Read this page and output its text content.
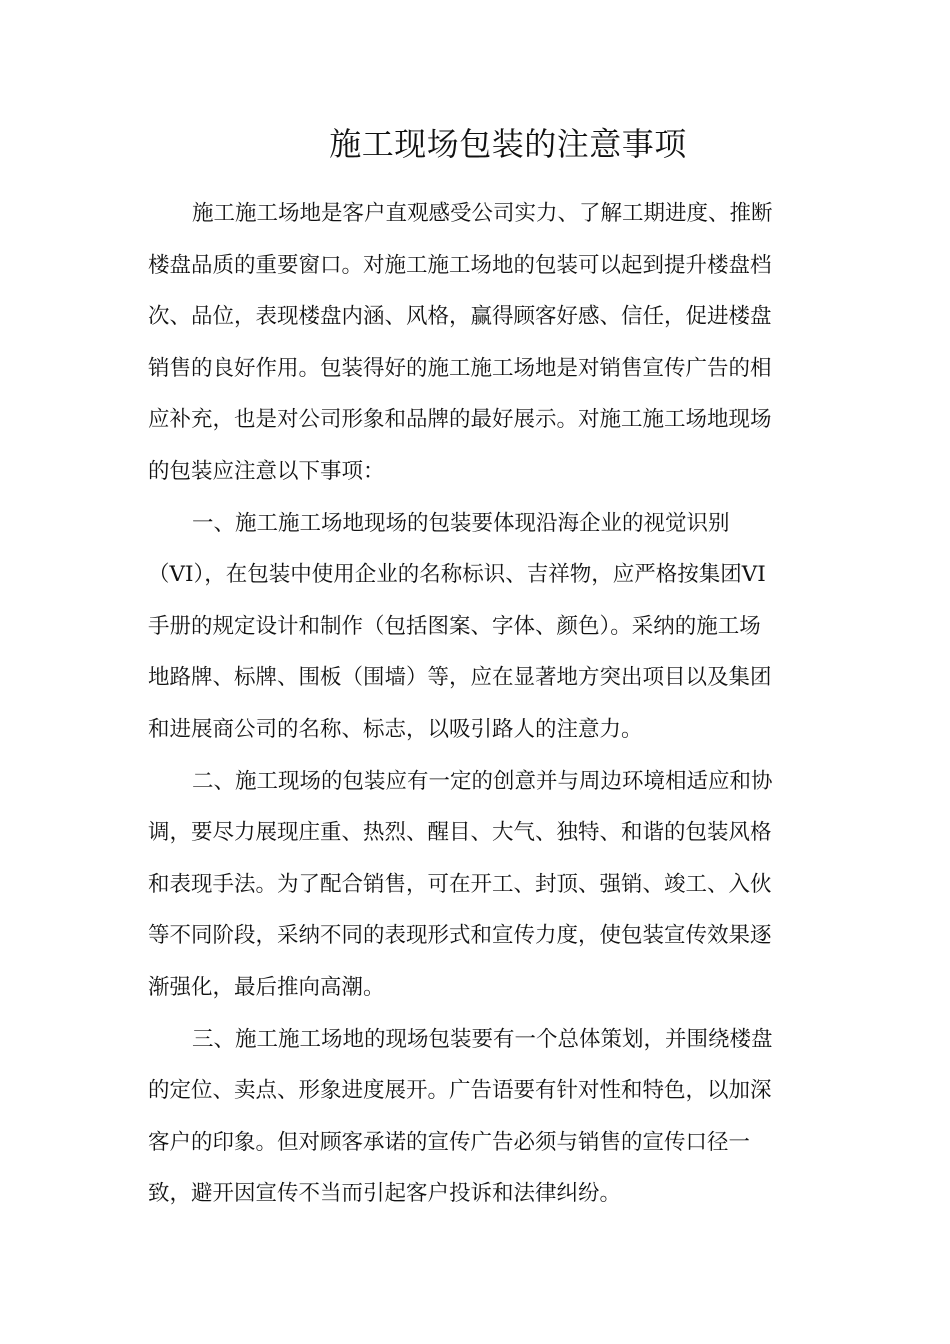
施工现场包装的注意事项
施工施工场地是客户直观感受公司实力、了解工期进度、推断
楼盘品质的重要窗口。对施工施工场地的包装可以起到提升楼盘档
次、品位，表现楼盘内涵、风格，赢得顾客好感、信任，促进楼盘
销售的良好作用。包装得好的施工施工场地是对销售宣传广告的相
应补充，也是对公司形象和品牌的最好展示。对施工施工场地现场
的包装应注意以下事项：
一、施工施工场地现场的包装要体现沿海企业的视觉识别
（VI），在包装中使用企业的名称标识、吉祥物，应严格按集团VI
手册的规定设计和制作（包括图案、字体、颜色）。采纳的施工场
地路牌、标牌、围板（围墙）等，应在显著地方突出项目以及集团
和进展商公司的名称、标志，以吸引路人的注意力。
二、施工现场的包装应有一定的创意并与周边环境相适应和协
调，要尽力展现庄重、热烈、醒目、大气、独特、和谐的包装风格
和表现手法。为了配合销售，可在开工、封顶、强销、竣工、入伙
等不同阶段，采纳不同的表现形式和宣传力度，使包装宣传效果逐
渐强化，最后推向高潮。
三、施工施工场地的现场包装要有一个总体策划，并围绕楼盘
的定位、卖点、形象进度展开。广告语要有针对性和特色，以加深
客户的印象。但对顾客承诺的宣传广告必须与销售的宣传口径一
致，避开因宣传不当而引起客户投诉和法律纠纷。
